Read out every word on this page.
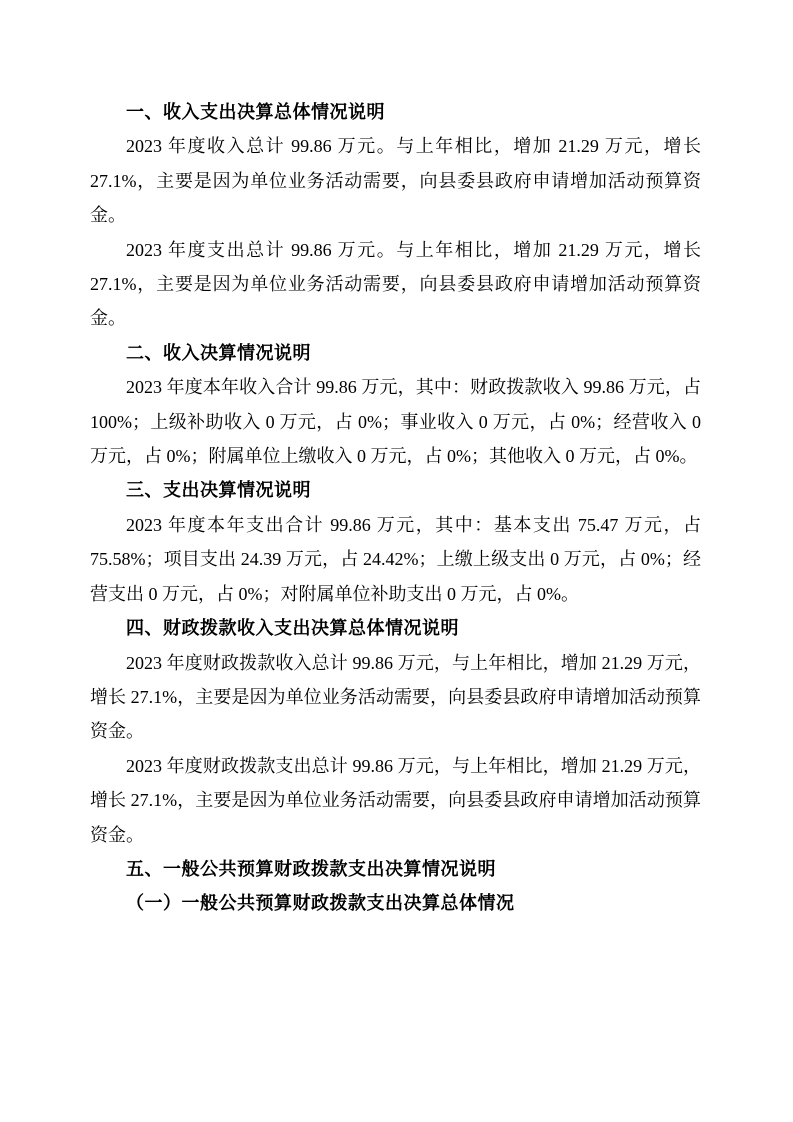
一、收入支出决算总体情况说明

2023 年度收入总计 99.86 万元。与上年相比，增加 21.29 万元，增长 27.1%，主要是因为单位业务活动需要，向县委县政府申请增加活动预算资金。

2023 年度支出总计 99.86 万元。与上年相比，增加 21.29 万元，增长 27.1%，主要是因为单位业务活动需要，向县委县政府申请增加活动预算资金。

二、收入决算情况说明

2023 年度本年收入合计 99.86 万元，其中：财政拨款收入 99.86 万元，占 100%；上级补助收入 0 万元，占 0%；事业收入 0 万元，占 0%；经营收入 0 万元，占 0%；附属单位上缴收入 0 万元，占 0%；其他收入 0 万元，占 0%。

三、支出决算情况说明

2023 年度本年支出合计 99.86 万元，其中：基本支出 75.47 万元，占 75.58%；项目支出 24.39 万元，占 24.42%；上缴上级支出 0 万元，占 0%；经营支出 0 万元，占 0%；对附属单位补助支出 0 万元，占 0%。

四、财政拨款收入支出决算总体情况说明

2023 年度财政拨款收入总计 99.86 万元，与上年相比，增加 21.29 万元，增长 27.1%，主要是因为单位业务活动需要，向县委县政府申请增加活动预算资金。

2023 年度财政拨款支出总计 99.86 万元，与上年相比，增加 21.29 万元，增长 27.1%，主要是因为单位业务活动需要，向县委县政府申请增加活动预算资金。

五、一般公共预算财政拨款支出决算情况说明
（一）一般公共预算财政拨款支出决算总体情况
